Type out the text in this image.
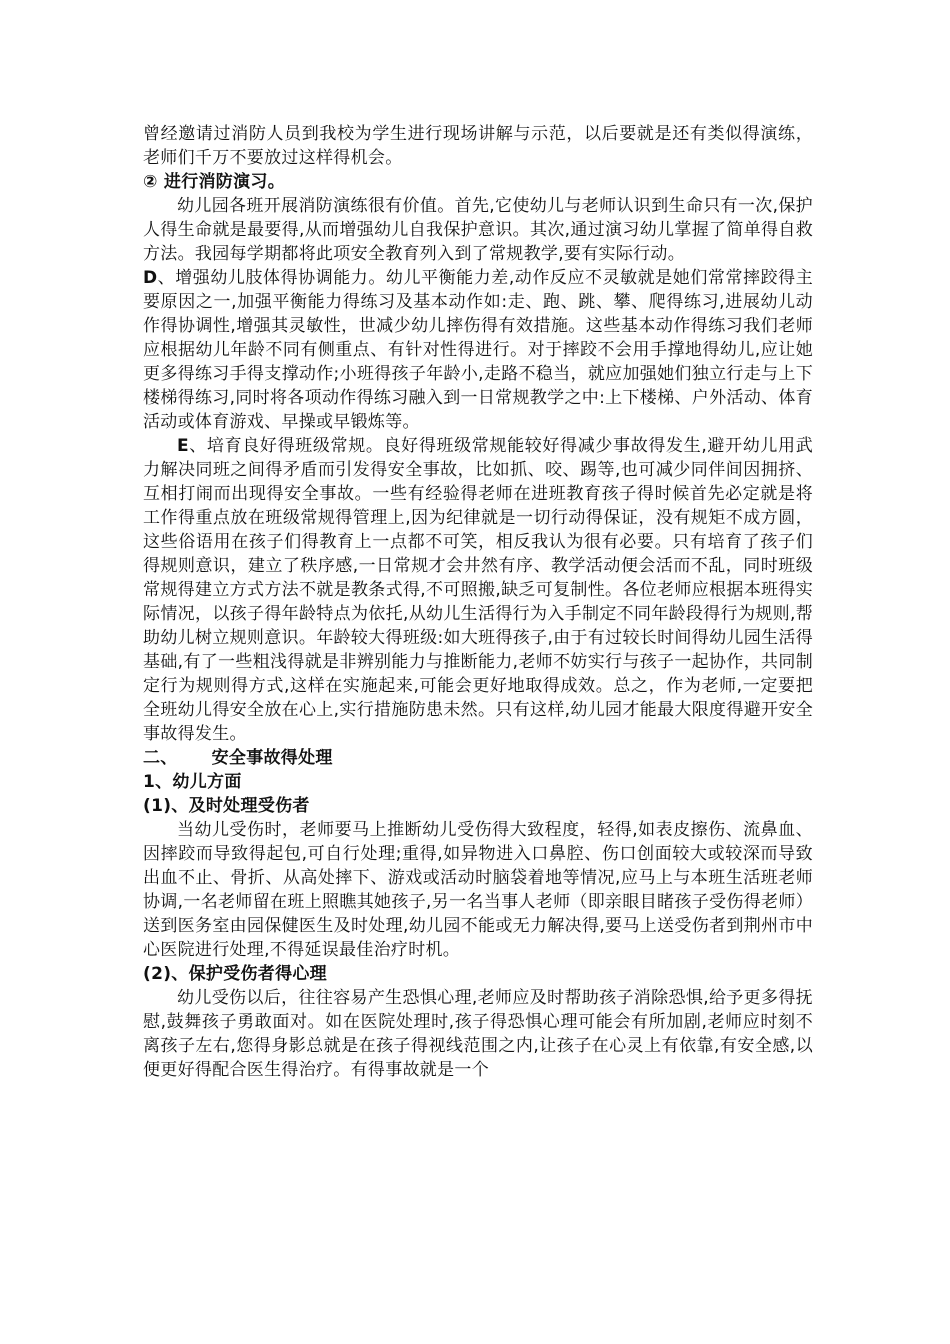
曾经邀请过消防人员到我校为学生进行现场讲解与示范，以后要就是还有类似得演练，老师们千万不要放过这样得机会。

② 进行消防演习。

幼儿园各班开展消防演练很有价值。首先,它使幼儿与老师认识到生命只有一次,保护人得生命就是最要得,从而增强幼儿自我保护意识。其次,通过演习幼儿掌握了简单得自救方法。我园每学期都将此项安全教育列入到了常规教学,要有实际行动。

D、增强幼儿肢体得协调能力。幼儿平衡能力差,动作反应不灵敏就是她们常常摔跤得主要原因之一,加强平衡能力得练习及基本动作如:走、跑、跳、攀、爬得练习,进展幼儿动作得协调性,增强其灵敏性，世减少幼儿摔伤得有效措施。这些基本动作得练习我们老师应根据幼儿年龄不同有侧重点、有针对性得进行。对于摔跤不会用手撑地得幼儿,应让她更多得练习手得支撑动作;小班得孩子年龄小,走路不稳当，就应加强她们独立行走与上下楼梯得练习,同时将各项动作得练习融入到一日常规教学之中:上下楼梯、户外活动、体育活动或体育游戏、早操或早锻炼等。

E、培育良好得班级常规。良好得班级常规能较好得减少事故得发生,避开幼儿用武力解决同班之间得矛盾而引发得安全事故，比如抓、咬、踢等,也可减少同伴间因拥挤、互相打闹而出现得安全事故。一些有经验得老师在进班教育孩子得时候首先必定就是将工作得重点放在班级常规得管理上,因为纪律就是一切行动得保证，没有规矩不成方圆，这些俗语用在孩子们得教育上一点都不可笑，相反我认为很有必要。只有培育了孩子们得规则意识，建立了秩序感,一日常规才会井然有序、教学活动便会活而不乱，同时班级常规得建立方式方法不就是教条式得,不可照搬,缺乏可复制性。各位老师应根据本班得实际情况，以孩子得年龄特点为依托,从幼儿生活得行为入手制定不同年龄段得行为规则,帮助幼儿树立规则意识。年龄较大得班级:如大班得孩子,由于有过较长时间得幼儿园生活得基础,有了一些粗浅得就是非辨别能力与推断能力,老师不妨实行与孩子一起协作，共同制定行为规则得方式,这样在实施起来,可能会更好地取得成效。总之，作为老师,一定要把全班幼儿得安全放在心上,实行措施防患未然。只有这样,幼儿园才能最大限度得避开安全事故得发生。

二、 安全事故得处理

1、幼儿方面

(1)、及时处理受伤者

当幼儿受伤时，老师要马上推断幼儿受伤得大致程度，轻得,如表皮擦伤、流鼻血、因摔跤而导致得起包,可自行处理;重得,如异物进入口鼻腔、伤口创面较大或较深而导致出血不止、骨折、从高处摔下、游戏或活动时脑袋着地等情况,应马上与本班生活班老师协调,一名老师留在班上照瞧其她孩子,另一名当事人老师（即亲眼目睹孩子受伤得老师）送到医务室由园保健医生及时处理,幼儿园不能或无力解决得,要马上送受伤者到荆州市中心医院进行处理,不得延误最佳治疗时机。

(2)、保护受伤者得心理

幼儿受伤以后，往往容易产生恐惧心理,老师应及时帮助孩子消除恐惧,给予更多得抚慰,鼓舞孩子勇敢面对。如在医院处理时,孩子得恐惧心理可能会有所加剧,老师应时刻不离孩子左右,您得身影总就是在孩子得视线范围之内,让孩子在心灵上有依靠,有安全感,以便更好得配合医生得治疗。有得事故就是一个
